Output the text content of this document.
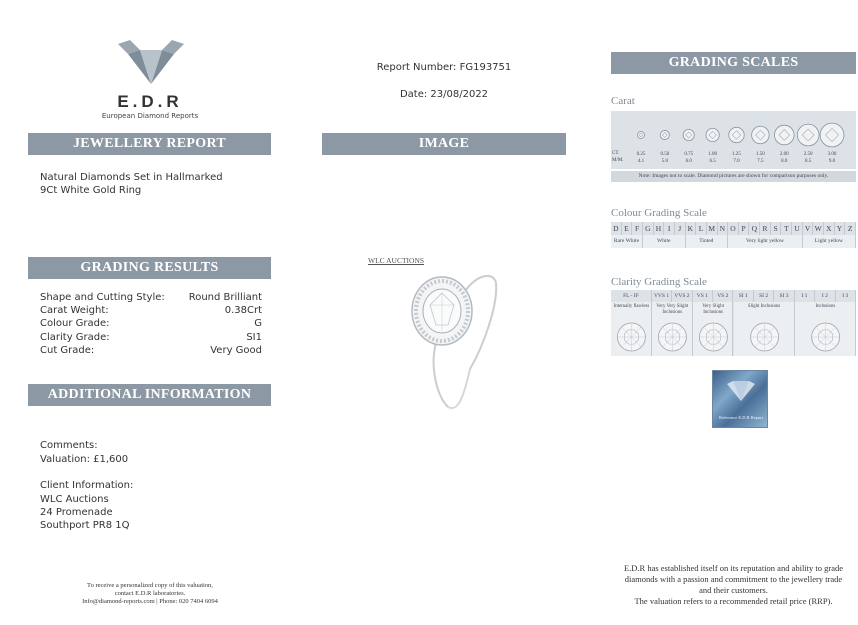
E.D.R
European Diamond Reports
JEWELLERY REPORT
Natural Diamonds Set in Hallmarked
9Ct White Gold Ring
GRADING RESULTS
Shape and Cutting Style: Round Brilliant
Carat Weight:	0.38Crt
Colour Grade:	G
Clarity Grade:	SI1
Cut Grade:	Very Good
ADDITIONAL INFORMATION
Comments:
Valuation: £1,600
Client Information:
WLC Auctions
24 Promenade
Southport PR8 1Q
To receive a personalized copy of this valuation,
contact E.D.R laboratories.
Info@diamond-reports.com | Phone: 020 7404 6094
Report Number: FG193751
Date: 23/08/2022
IMAGE
WLC AUCTIONS
GRADING SCALES
Carat
CT.
M/M.
0.25	0.50	0.75	1.00	1.25	1.50	2.00	2.50	3.00
4.1	5.0	6.0	6.5	7.0	7.5	8.0	8.5	9.0
Note: Images not to scale. Diamond pictures are shown for comparison purposes only.
Colour Grading Scale
D E F G H I	J K L M N O P Q R S T U V W X Y Z
Rare White	White	Tinted	Very light yellow	Light yellow
Clarity Grading Scale
FL - IF	VVS 1 VVS 2	VS 1	VS 2	SI 1	SI 2	SI 3	I 1	I 2	I 3
Internally flawless	Very Very Slight Inclusions
Very Slight Inclusions
Slight Inclusions	Inclusions
Reference E.D.R Report
E.D.R has established itself on its reputation and ability to grade
diamonds with a passion and commitment to the jewellery trade
and their customers.
The valuation refers to a recommended retail price (RRP).
